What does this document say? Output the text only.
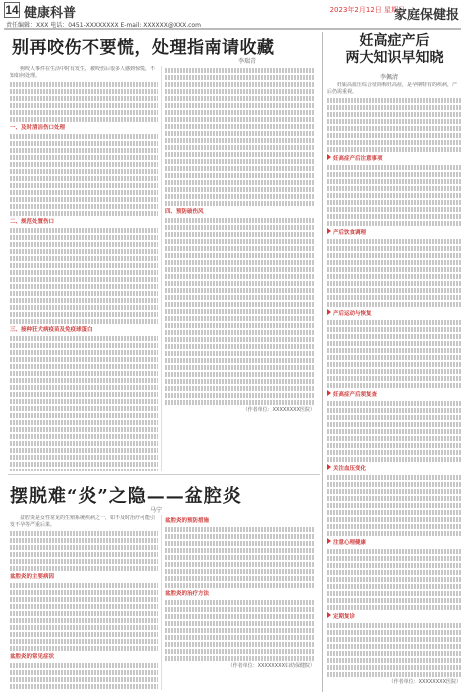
14 健康科普	2023年2月12日 星期日
家庭保健报
责任编辑：XXX 电话：0451-XXXXXXXX E-mail: XXXXXX@XXX.com
别再咬伤不要慌，处理指南请收藏
李瑞青

狗咬人事件在生活中时有发生，被咬伤后很多人感到惊慌，不知如何处理。

一、及时清洁伤口处理
二、规范处置伤口
三、接种狂犬病疫苗及免疫球蛋白
四、预防破伤风
（作者单位：XXXXXXXX医院）
摆脱难“炎”之隐——盆腔炎
马宁

盆腔炎是女性常见的生殖系统疾病之一，如不及时治疗可能引发不孕等严重后果。

盆腔炎的主要病因
盆腔炎的常见症状
盆腔炎的预防措施
盆腔炎的治疗方法
（作者单位：XXXXXXXX妇幼保健院）
妊高症产后
两大知识早知晓
李佩清

妊娠高血压综合征简称妊高症，是孕期特有的疾病，产后仍需重视。

妊高症产后注意事项
产后饮食调理
产后运动与恢复
妊高症产后须复查
关注血压变化
注意心理健康
定期复诊
（作者单位：XXXXXXXX医院）
